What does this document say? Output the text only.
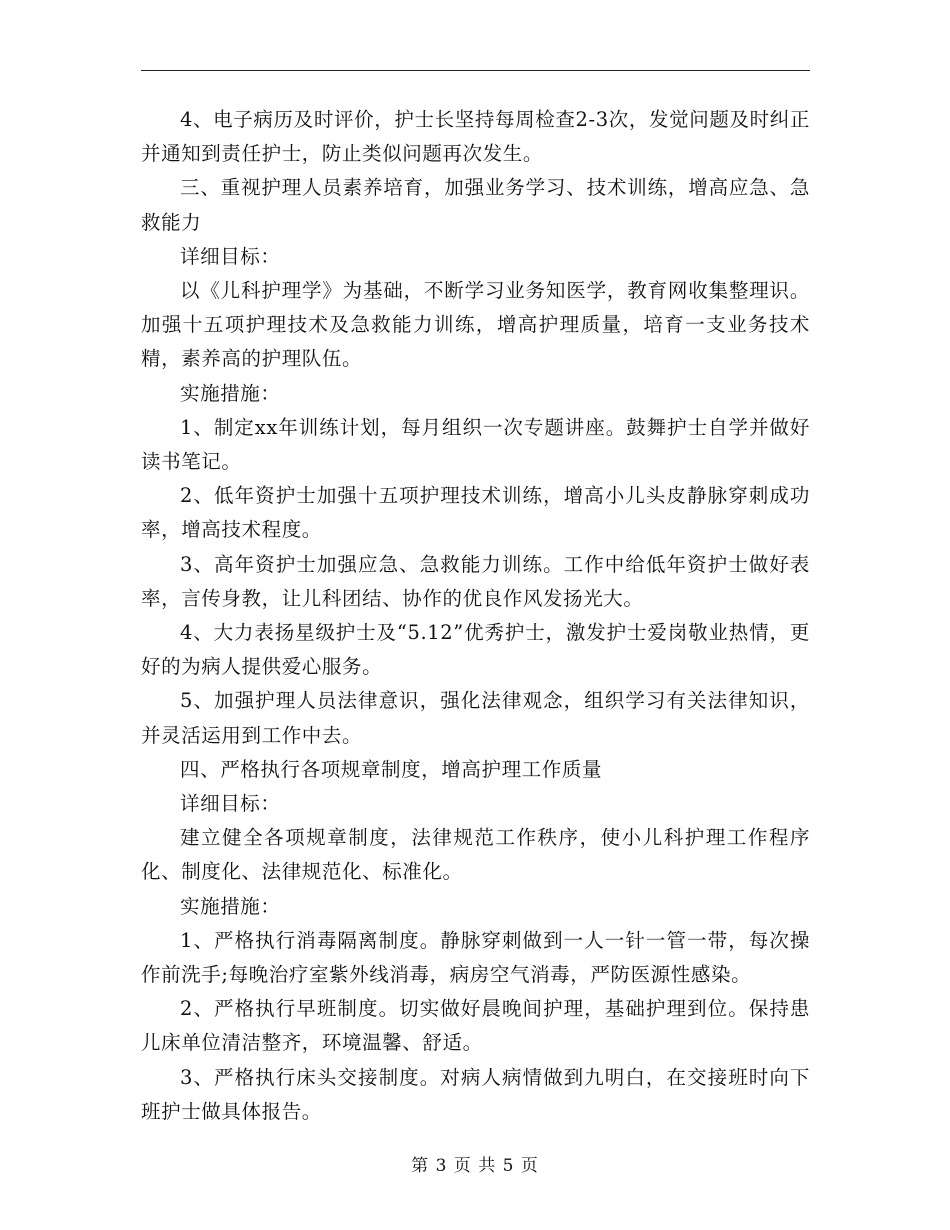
4、电子病历及时评价，护士长坚持每周检查2-3次，发觉问题及时纠正并通知到责任护士，防止类似问题再次发生。

三、重视护理人员素养培育，加强业务学习、技术训练，增高应急、急救能力

详细目标：

以《儿科护理学》为基础，不断学习业务知医学，教育网收集整理识。加强十五项护理技术及急救能力训练，增高护理质量，培育一支业务技术精，素养高的护理队伍。

实施措施：

1、制定xx年训练计划，每月组织一次专题讲座。鼓舞护士自学并做好读书笔记。

2、低年资护士加强十五项护理技术训练，增高小儿头皮静脉穿刺成功率，增高技术程度。

3、高年资护士加强应急、急救能力训练。工作中给低年资护士做好表率，言传身教，让儿科团结、协作的优良作风发扬光大。

4、大力表扬星级护士及“5.12”优秀护士，激发护士爱岗敬业热情，更好的为病人提供爱心服务。

5、加强护理人员法律意识，强化法律观念，组织学习有关法律知识，并灵活运用到工作中去。

四、严格执行各项规章制度，增高护理工作质量

详细目标：

建立健全各项规章制度，法律规范工作秩序，使小儿科护理工作程序化、制度化、法律规范化、标准化。

实施措施：

1、严格执行消毒隔离制度。静脉穿刺做到一人一针一管一带，每次操作前洗手;每晚治疗室紫外线消毒，病房空气消毒，严防医源性感染。

2、严格执行早班制度。切实做好晨晚间护理，基础护理到位。保持患儿床单位清洁整齐，环境温馨、舒适。

3、严格执行床头交接制度。对病人病情做到九明白，在交接班时向下班护士做具体报告。

第 3 页 共 5 页
